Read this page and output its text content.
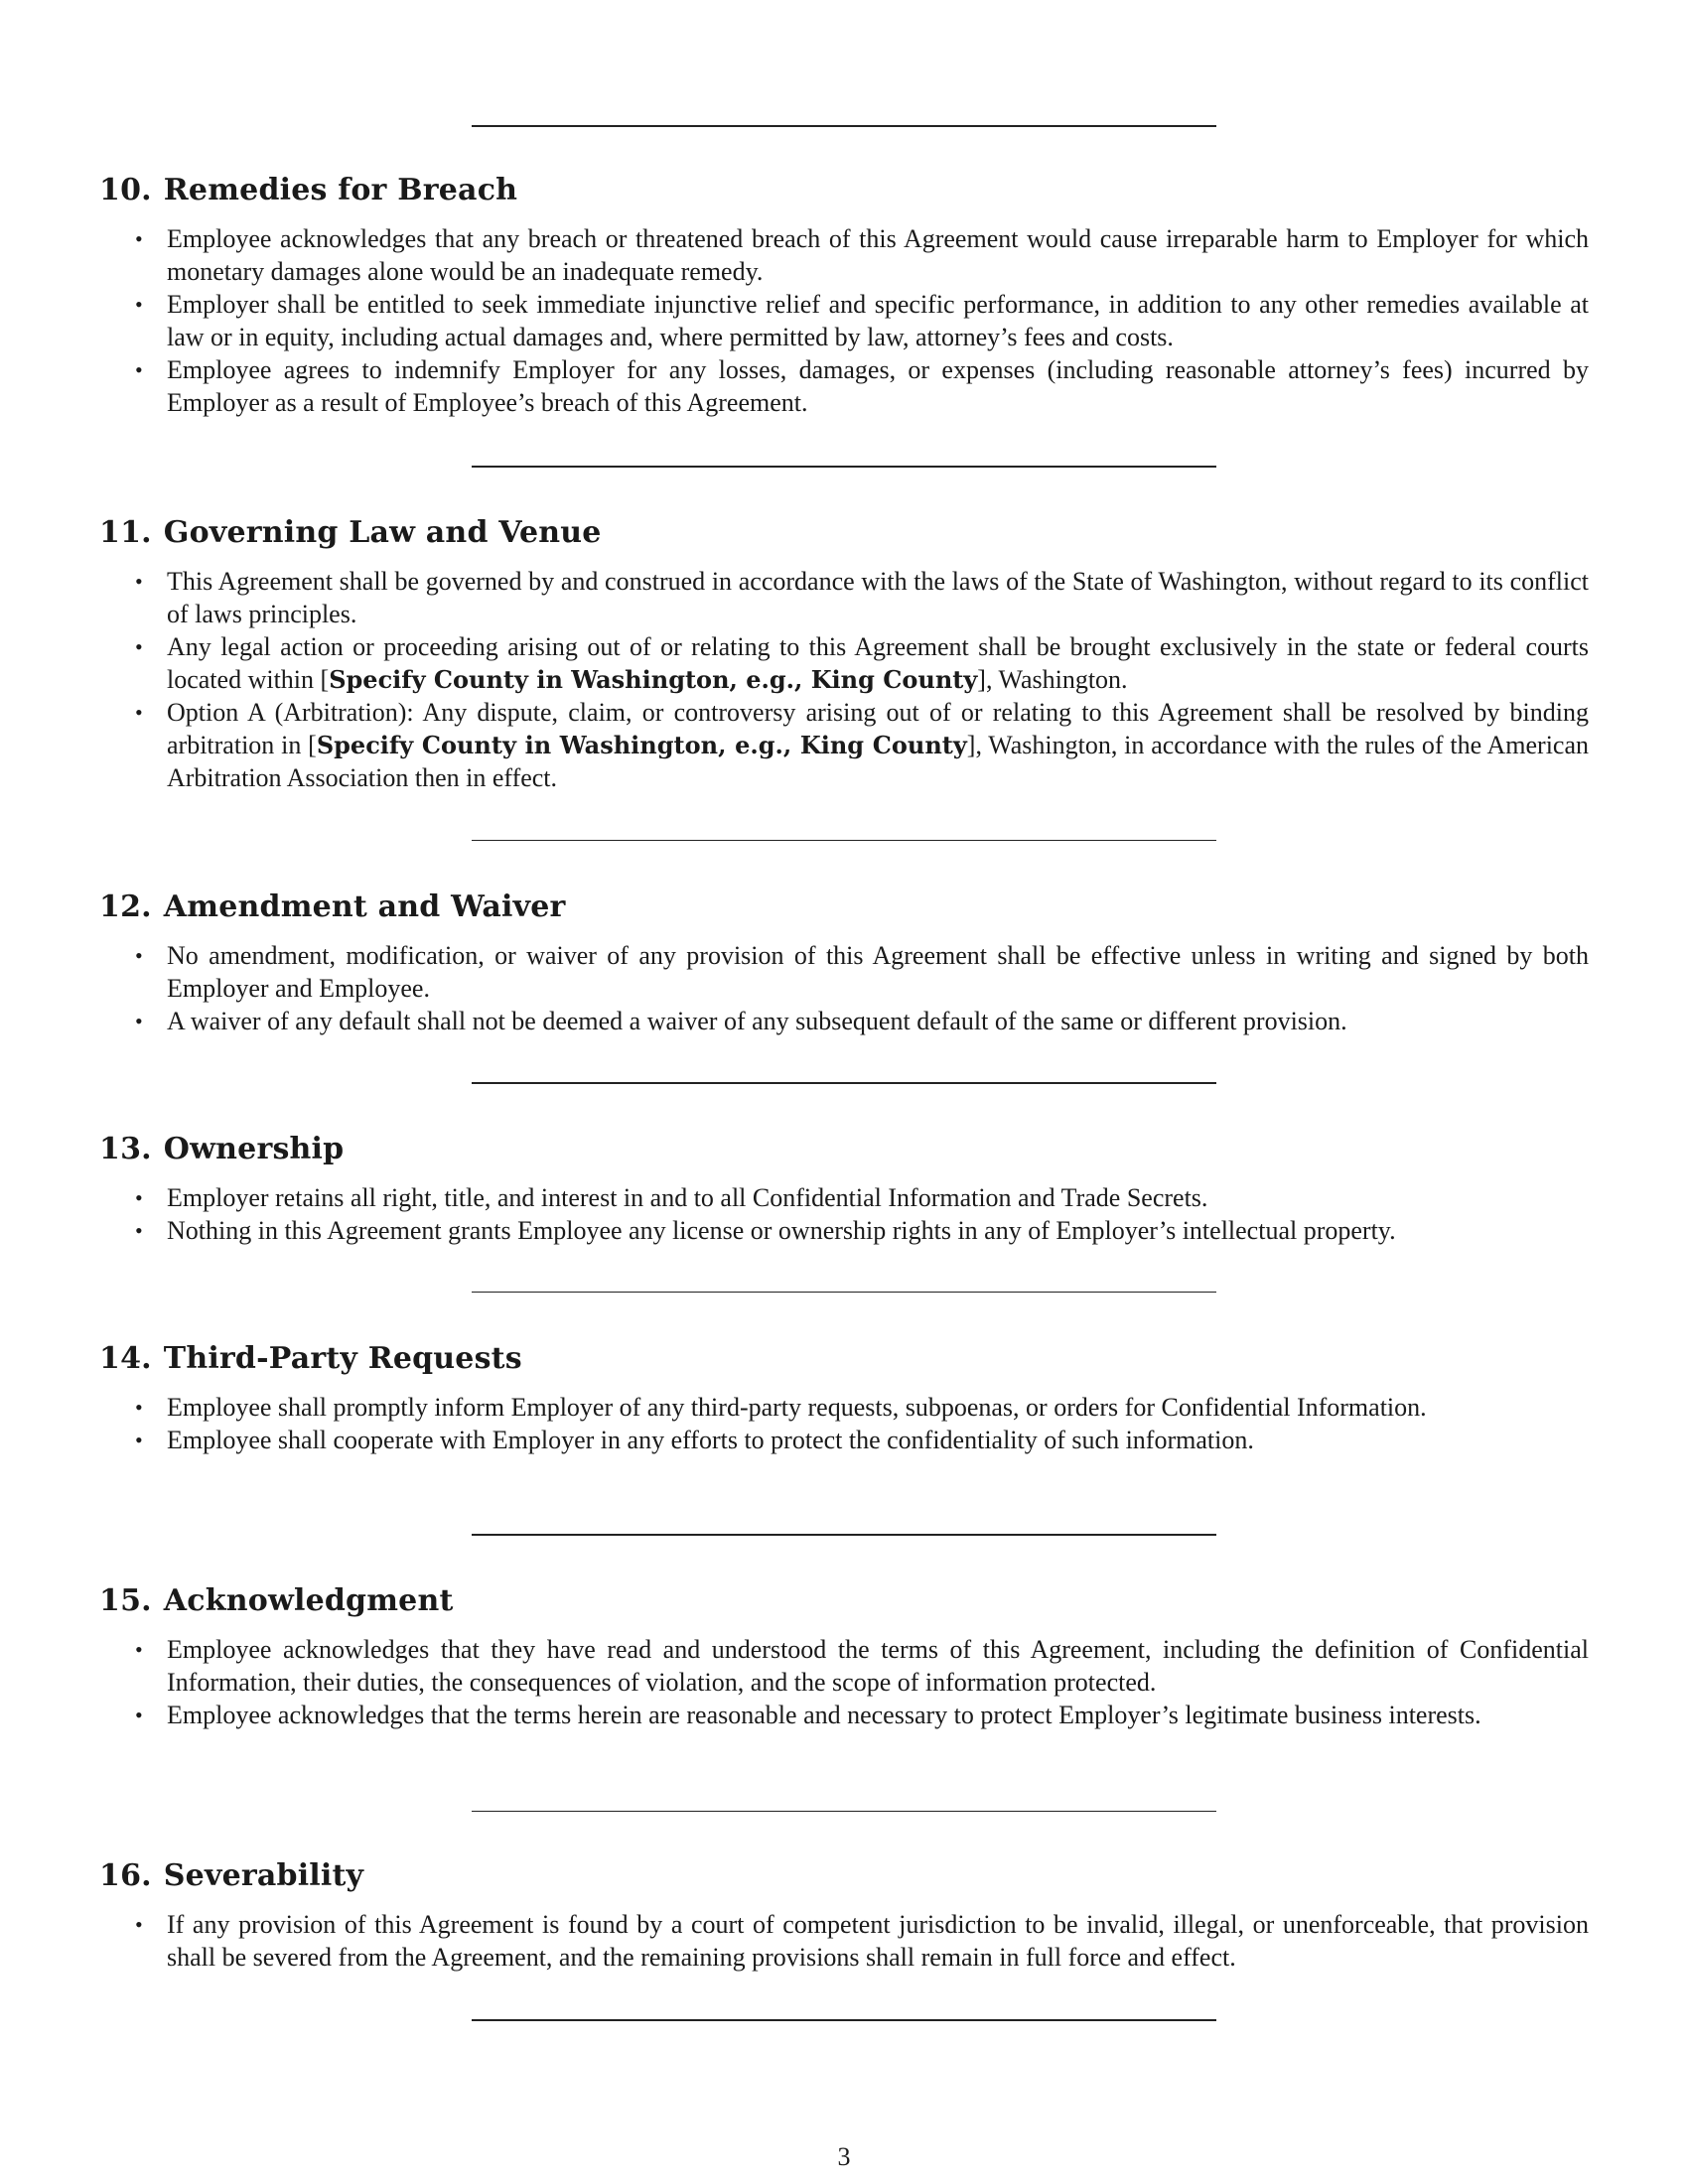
10. Remedies for Breach
• Employee acknowledges that any breach or threatened breach of this Agreement would cause irreparable harm to Employer for which monetary damages alone would be an inadequate remedy.
• Employer shall be entitled to seek immediate injunctive relief and specific performance, in addition to any other remedies available at law or in equity, including actual damages and, where permitted by law, attorney’s fees and costs.
• Employee agrees to indemnify Employer for any losses, damages, or expenses (including reasonable attorney’s fees) incurred by Employer as a result of Employee’s breach of this Agreement.
11. Governing Law and Venue
• This Agreement shall be governed by and construed in accordance with the laws of the State of Washington, without regard to its conflict of laws principles.
• Any legal action or proceeding arising out of or relating to this Agreement shall be brought exclusively in the state or federal courts located within [Specify County in Washington, e.g., King County], Washington.
• Option A (Arbitration): Any dispute, claim, or controversy arising out of or relating to this Agreement shall be resolved by binding arbitration in [Specify County in Washington, e.g., King County], Washington, in accordance with the rules of the American Arbitration Association then in effect.
12. Amendment and Waiver
• No amendment, modification, or waiver of any provision of this Agreement shall be effective unless in writing and signed by both Employer and Employee.
• A waiver of any default shall not be deemed a waiver of any subsequent default of the same or different provision.
13. Ownership
• Employer retains all right, title, and interest in and to all Confidential Information and Trade Secrets.
• Nothing in this Agreement grants Employee any license or ownership rights in any of Employer’s intellectual property.
14. Third-Party Requests
• Employee shall promptly inform Employer of any third-party requests, subpoenas, or orders for Confidential Information.
• Employee shall cooperate with Employer in any efforts to protect the confidentiality of such information.
15. Acknowledgment
• Employee acknowledges that they have read and understood the terms of this Agreement, including the definition of Confidential Information, their duties, the consequences of violation, and the scope of information protected.
• Employee acknowledges that the terms herein are reasonable and necessary to protect Employer’s legitimate business interests.
16. Severability
• If any provision of this Agreement is found by a court of competent jurisdiction to be invalid, illegal, or unenforceable, that provision shall be severed from the Agreement, and the remaining provisions shall remain in full force and effect.
3
